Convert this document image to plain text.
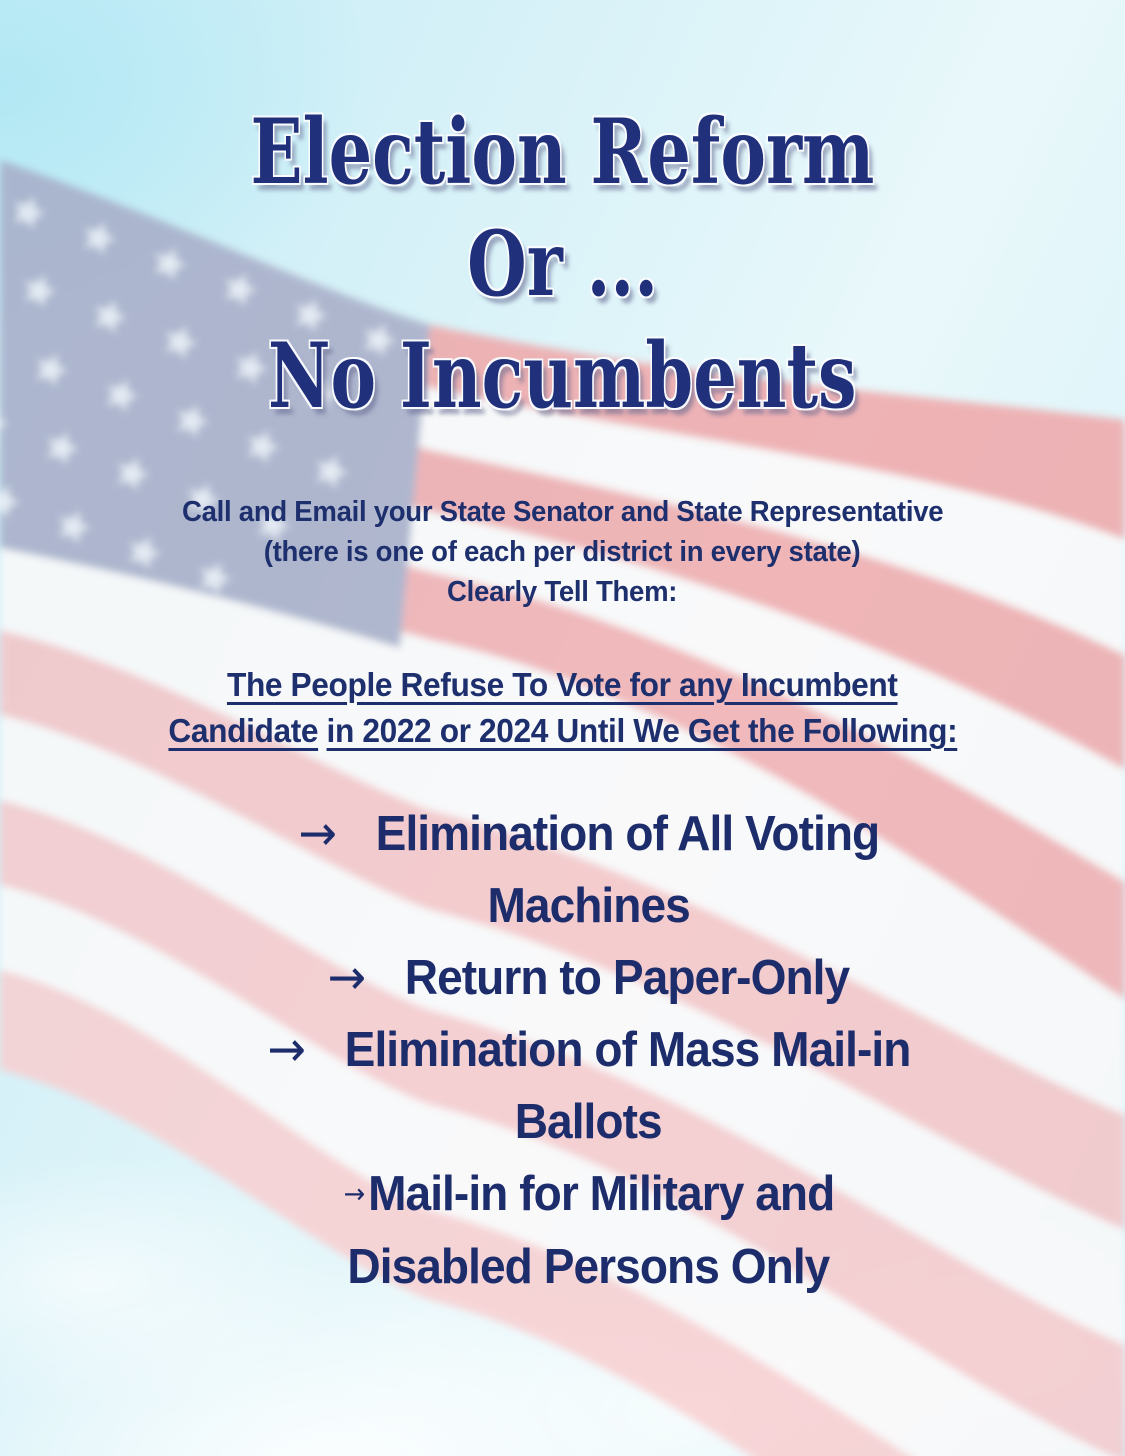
Election Reform
Or ...
No Incumbents
Call and Email your State Senator and State Representative
(there is one of each per district in every state)
Clearly Tell Them:
The People Refuse To Vote for any Incumbent
Candidate in 2022 or 2024 Until We Get the Following:
→ Elimination of All Voting
Machines
→ Return to Paper-Only
→ Elimination of Mass Mail-in
Ballots
→Mail-in for Military and
Disabled Persons Only
